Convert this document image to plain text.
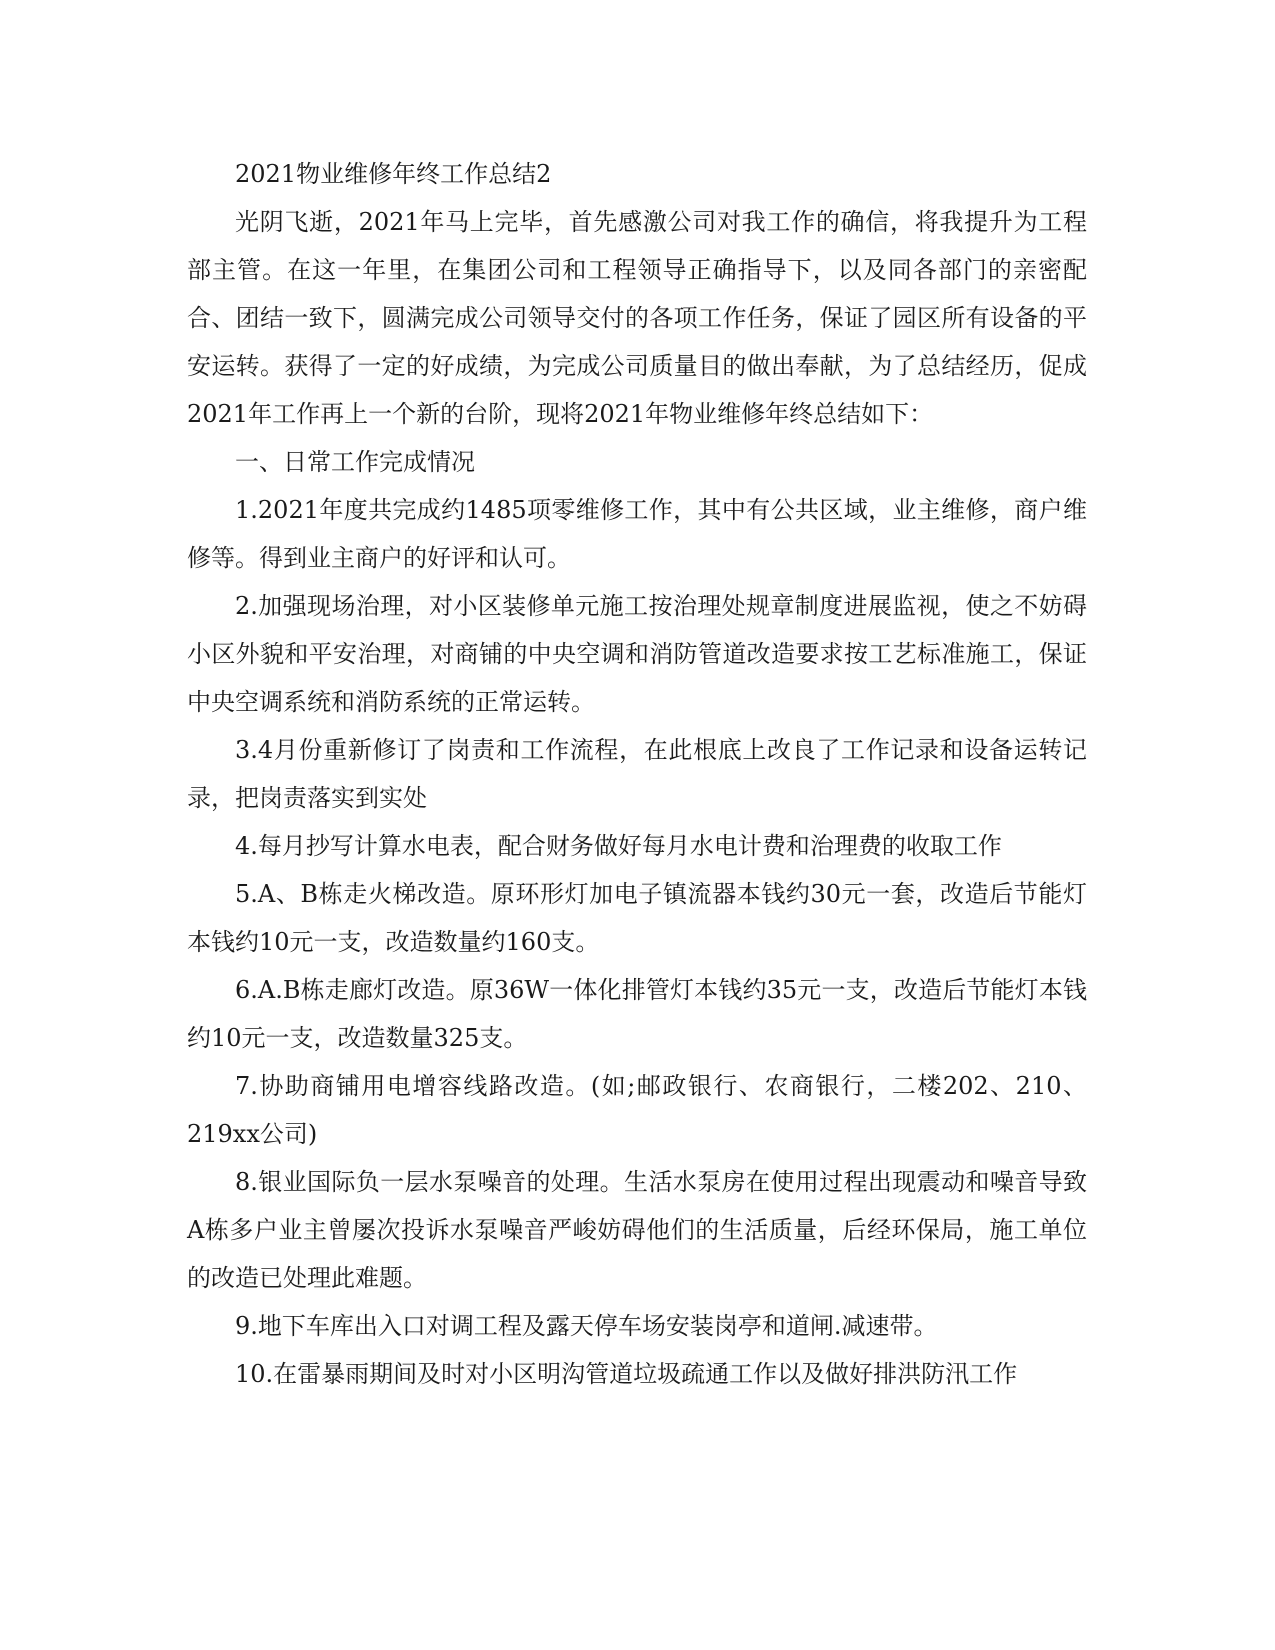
2021物业维修年终工作总结2

光阴飞逝，2021年马上完毕，首先感激公司对我工作的确信，将我提升为工程部主管。在这一年里，在集团公司和工程领导正确指导下，以及同各部门的亲密配合、团结一致下，圆满完成公司领导交付的各项工作任务，保证了园区所有设备的平安运转。获得了一定的好成绩，为完成公司质量目的做出奉献，为了总结经历，促成2021年工作再上一个新的台阶，现将2021年物业维修年终总结如下：

一、日常工作完成情况

1.2021年度共完成约1485项零维修工作，其中有公共区域，业主维修，商户维修等。得到业主商户的好评和认可。

2.加强现场治理，对小区装修单元施工按治理处规章制度进展监视，使之不妨碍小区外貌和平安治理，对商铺的中央空调和消防管道改造要求按工艺标准施工，保证中央空调系统和消防系统的正常运转。

3.4月份重新修订了岗责和工作流程，在此根底上改良了工作记录和设备运转记录，把岗责落实到实处

4.每月抄写计算水电表，配合财务做好每月水电计费和治理费的收取工作

5.A、B栋走火梯改造。原环形灯加电子镇流器本钱约30元一套，改造后节能灯本钱约10元一支，改造数量约160支。

6.A.B栋走廊灯改造。原36W一体化排管灯本钱约35元一支，改造后节能灯本钱约10元一支，改造数量325支。

7.协助商铺用电增容线路改造。(如;邮政银行、农商银行，二楼202、210、219xx公司)

8.银业国际负一层水泵噪音的处理。生活水泵房在使用过程出现震动和噪音导致A栋多户业主曾屡次投诉水泵噪音严峻妨碍他们的生活质量，后经环保局，施工单位的改造已处理此难题。

9.地下车库出入口对调工程及露天停车场安装岗亭和道闸.减速带。

10.在雷暴雨期间及时对小区明沟管道垃圾疏通工作以及做好排洪防汛工作
